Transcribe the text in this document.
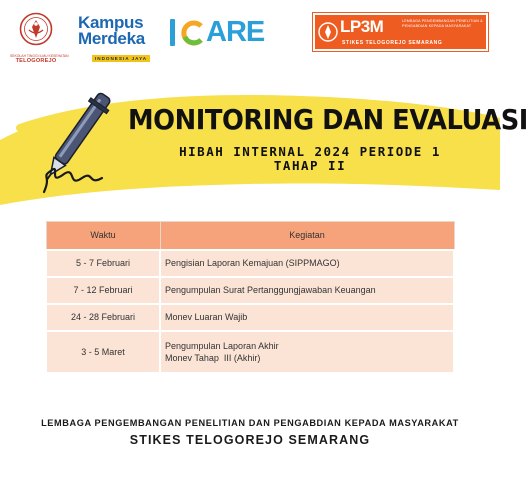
SEKOLAH TINGGI ILMU KESEHATAN
TELOGOREJO
Kampus
Merdeka
INDONESIA JAYA
ARE	LP3M	LEMBAGA PENGEMBANGAN PENELITIAN & PENGABDIAN KEPADA MASYARAKAT
STIKES TELOGOREJO SEMARANG
MONITORING DAN EVALUASI
HIBAH INTERNAL 2024 PERIODE 1
TAHAP II
Waktu	Kegiatan
5 - 7 Februari	Pengisian Laporan Kemajuan (SIPPMAGO)

7 - 12 Februari	Pengumpulan Surat Pertanggungjawaban Keuangan

24 - 28 Februari	Monev Luaran Wajib

3 - 5 Maret	Pengumpulan Laporan Akhir
Monev Tahap  III (Akhir)
LEMBAGA PENGEMBANGAN PENELITIAN DAN PENGABDIAN KEPADA MASYARAKAT
STIKES TELOGOREJO SEMARANG
